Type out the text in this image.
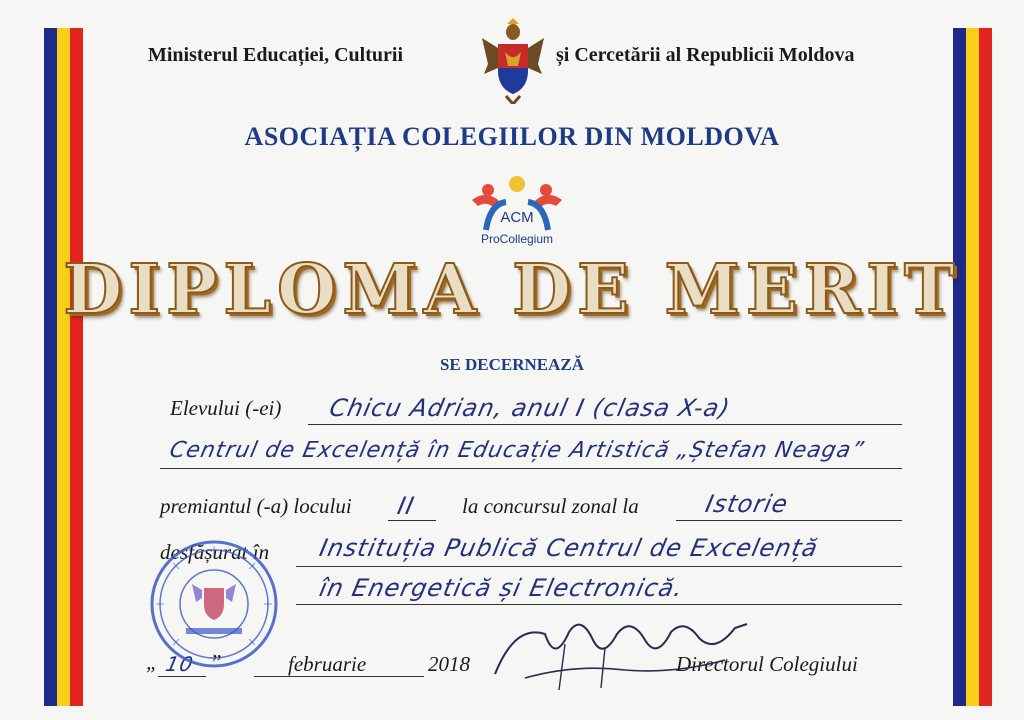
Ministerul Educației, Culturii	și Cercetării al Republicii Moldova
ASOCIAȚIA COLEGIILOR DIN MOLDOVA
ACM
ProCollegium
DIPLOMA DE MERIT
SE DECERNEAZĂ
Elevului (-ei) Chicu Adrian, anul I (clasa X-a)
Centrul de Excelență în Educație Artistică „Ștefan Neaga”
premiantul (-a) locului II la concursul zonal la	Istorie
desfășurat în Instituția Publică Centrul de Excelență
în Energetică și Electronică.
„ 10 ”	februarie	2018	Directorul Colegiului
